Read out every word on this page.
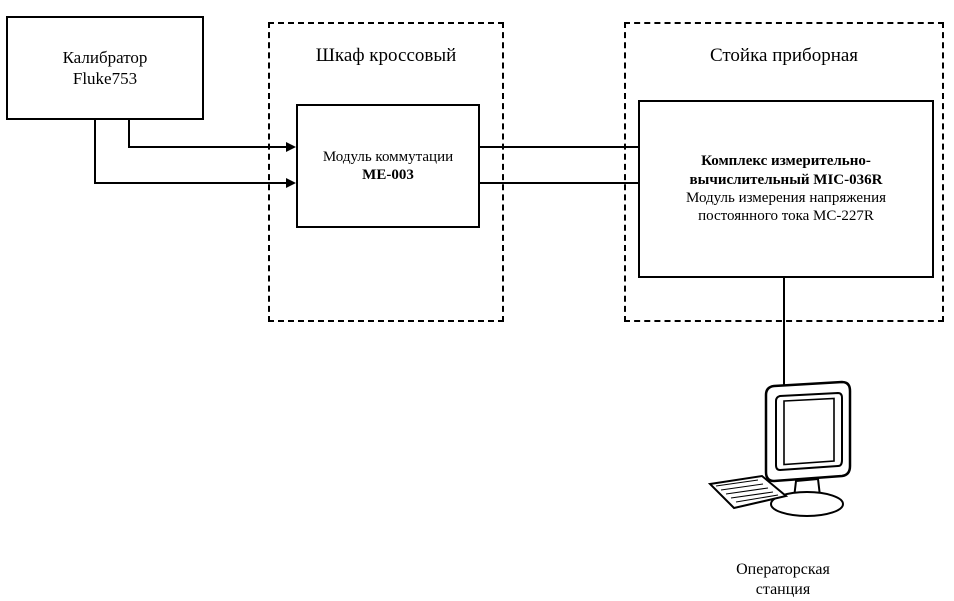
Шкаф кроссовый	Стойка приборная
Калибратор
Fluke753
Модуль коммутации
МЕ-003
Комплекс измерительно-
вычислительный MIC-036R
Модуль измерения напряжения
постоянного тока MC-227R
Операторская
станция
